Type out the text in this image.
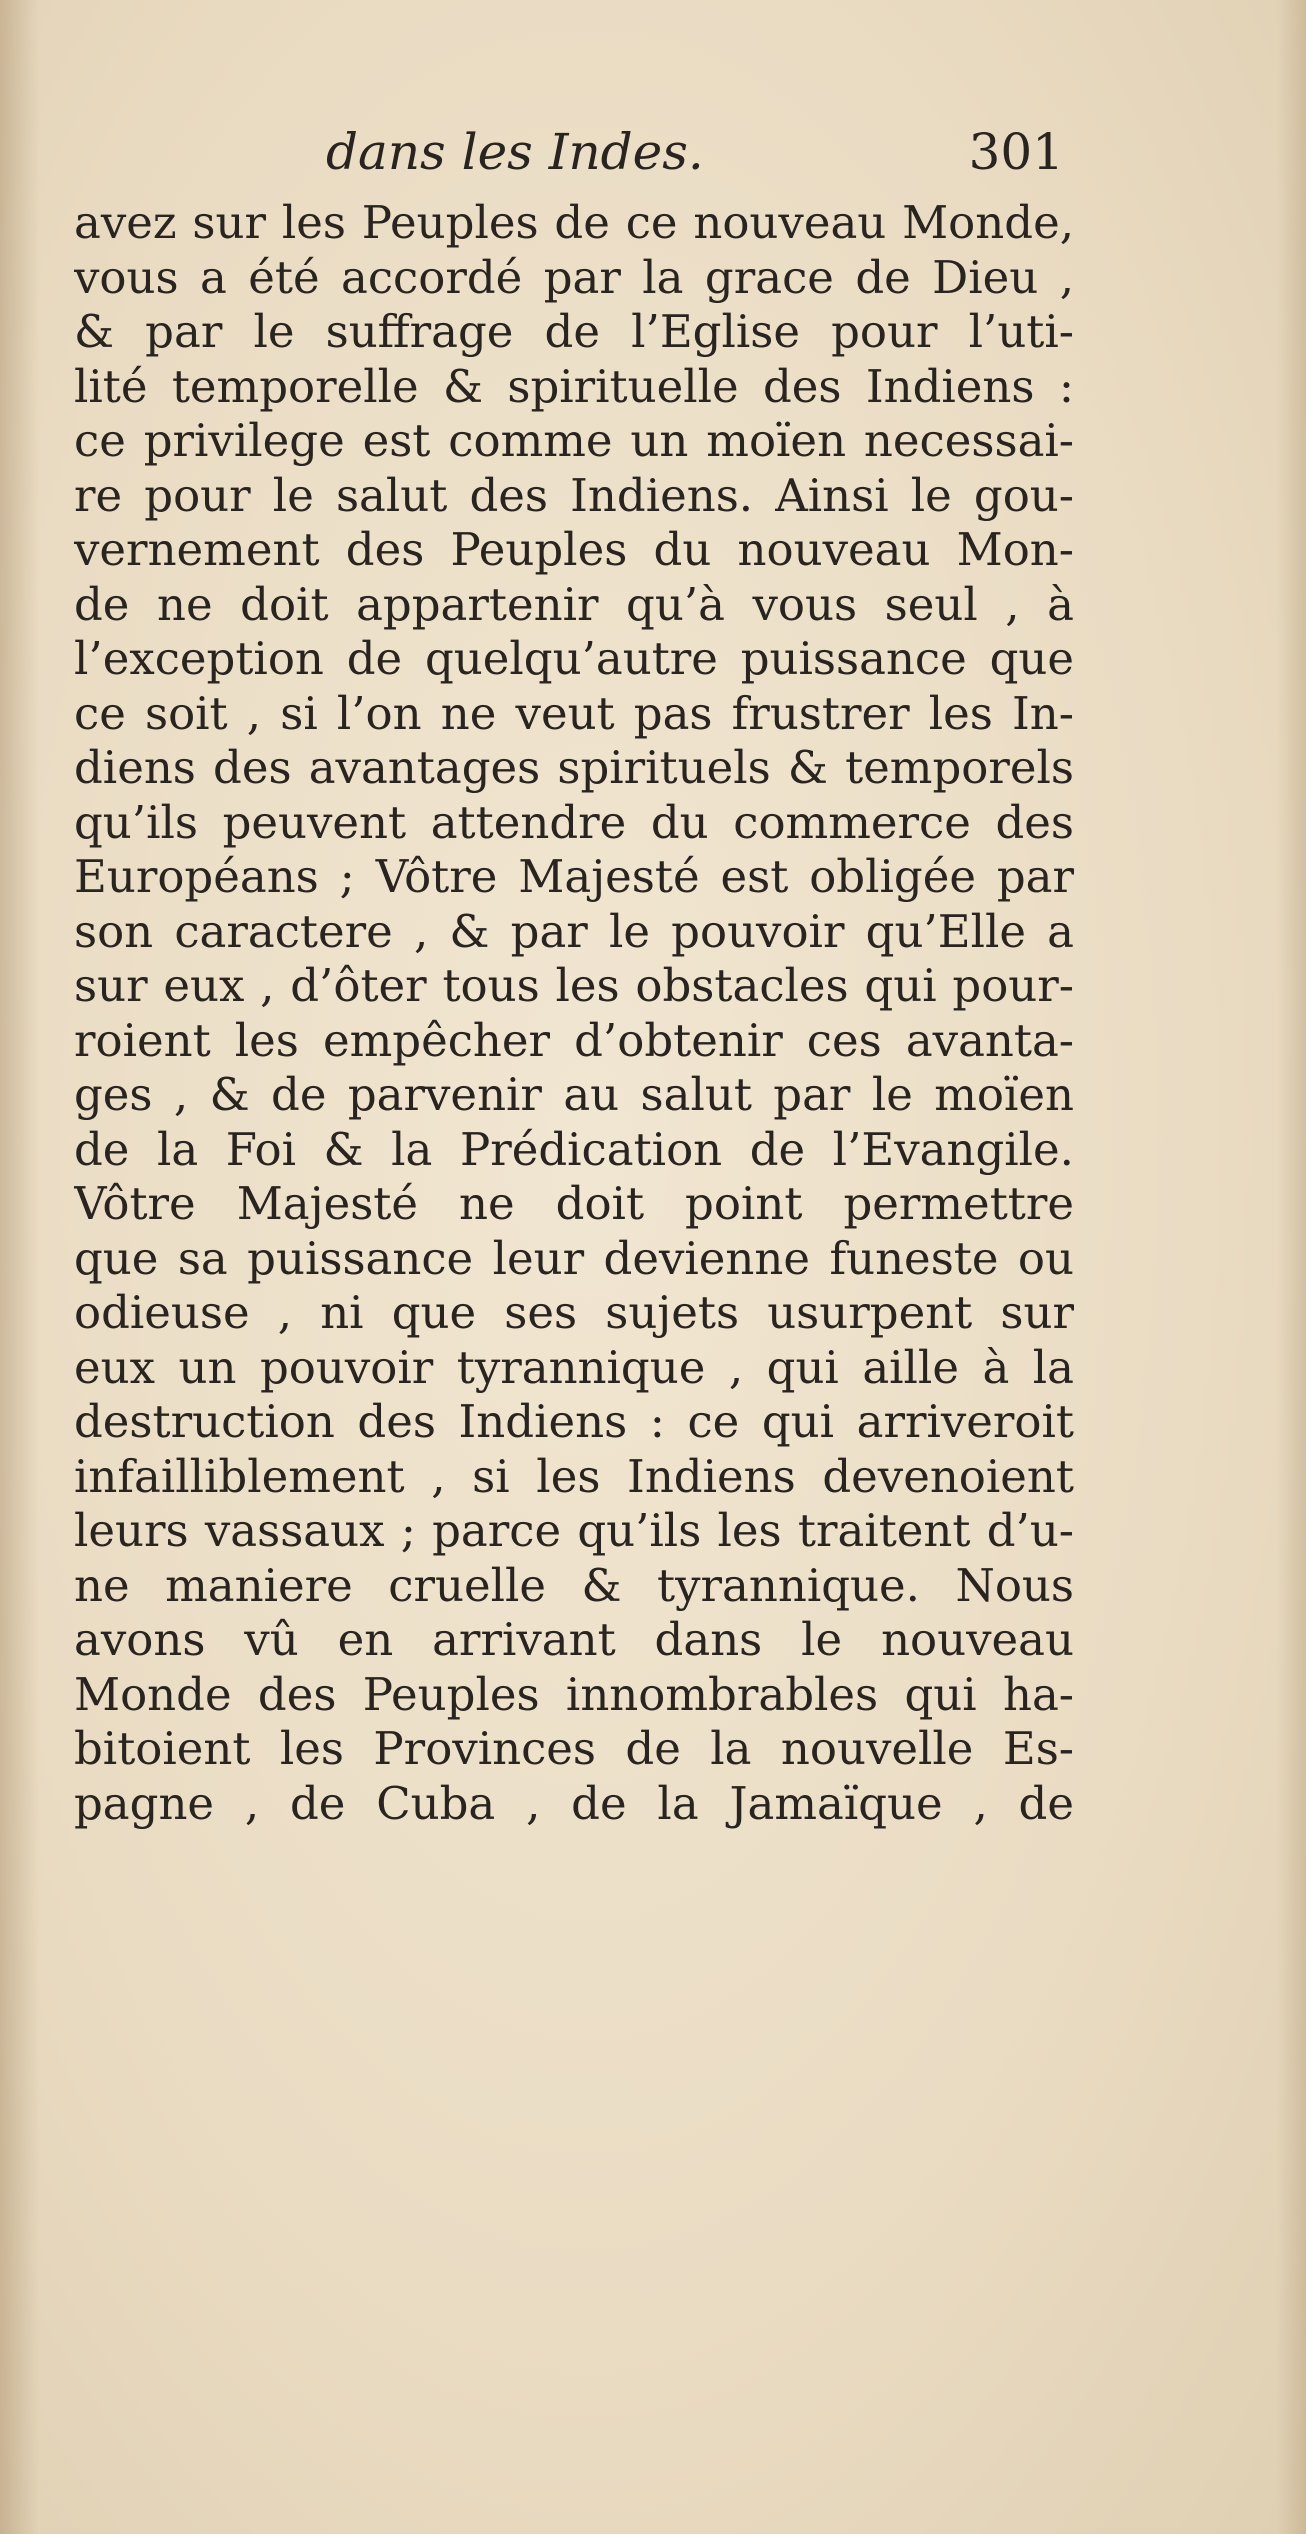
dans les Indes.	301
avez sur les Peuples de ce nouveau Monde,
vous a été accordé par la grace de Dieu ,
& par le suffrage de l’Eglise pour l’uti-
lité temporelle & spirituelle des Indiens :
ce privilege est comme un moïen necessai-
re pour le salut des Indiens. Ainsi le gou-
vernement des Peuples du nouveau Mon-
de ne doit appartenir qu’à vous seul , à
l’exception de quelqu’autre puissance que
ce soit , si l’on ne veut pas frustrer les In-
diens des avantages spirituels & temporels
qu’ils peuvent attendre du commerce des
Européans ; Vôtre Majesté est obligée par
son caractere , & par le pouvoir qu’Elle a
sur eux , d’ôter tous les obstacles qui pour-
roient les empêcher d’obtenir ces avanta-
ges , & de parvenir au salut par le moïen
de la Foi & la Prédication de l’Evangile.
Vôtre Majesté ne doit point permettre
que sa puissance leur devienne funeste ou
odieuse , ni que ses sujets usurpent sur
eux un pouvoir tyrannique , qui aille à la
destruction des Indiens : ce qui arriveroit
infailliblement , si les Indiens devenoient
leurs vassaux ; parce qu’ils les traitent d’u-
ne maniere cruelle & tyrannique. Nous
avons vû en arrivant dans le nouveau
Monde des Peuples innombrables qui ha-
bitoient les Provinces de la nouvelle Es-
pagne , de Cuba , de la Jamaïque , de
